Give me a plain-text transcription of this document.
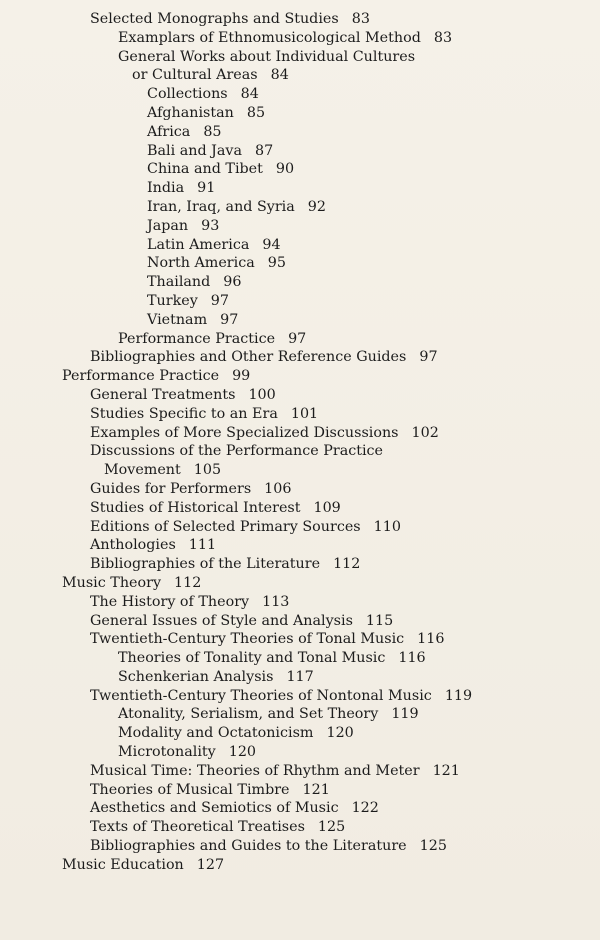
Selected Monographs and Studies 83
Examplars of Ethnomusicological Method 83
General Works about Individual Cultures
or Cultural Areas 84
Collections 84
Afghanistan 85
Africa 85
Bali and Java 87
China and Tibet 90
India 91
Iran, Iraq, and Syria 92
Japan 93
Latin America 94
North America 95
Thailand 96
Turkey 97
Vietnam 97
Performance Practice 97
Bibliographies and Other Reference Guides 97
Performance Practice 99
General Treatments 100
Studies Specific to an Era 101
Examples of More Specialized Discussions 102
Discussions of the Performance Practice
Movement 105
Guides for Performers 106
Studies of Historical Interest 109
Editions of Selected Primary Sources 110
Anthologies 111
Bibliographies of the Literature 112
Music Theory 112
The History of Theory 113
General Issues of Style and Analysis 115
Twentieth-Century Theories of Tonal Music 116
Theories of Tonality and Tonal Music 116
Schenkerian Analysis 117
Twentieth-Century Theories of Nontonal Music 119
Atonality, Serialism, and Set Theory 119
Modality and Octatonicism 120
Microtonality 120
Musical Time: Theories of Rhythm and Meter 121
Theories of Musical Timbre 121
Aesthetics and Semiotics of Music 122
Texts of Theoretical Treatises 125
Bibliographies and Guides to the Literature 125
Music Education 127
